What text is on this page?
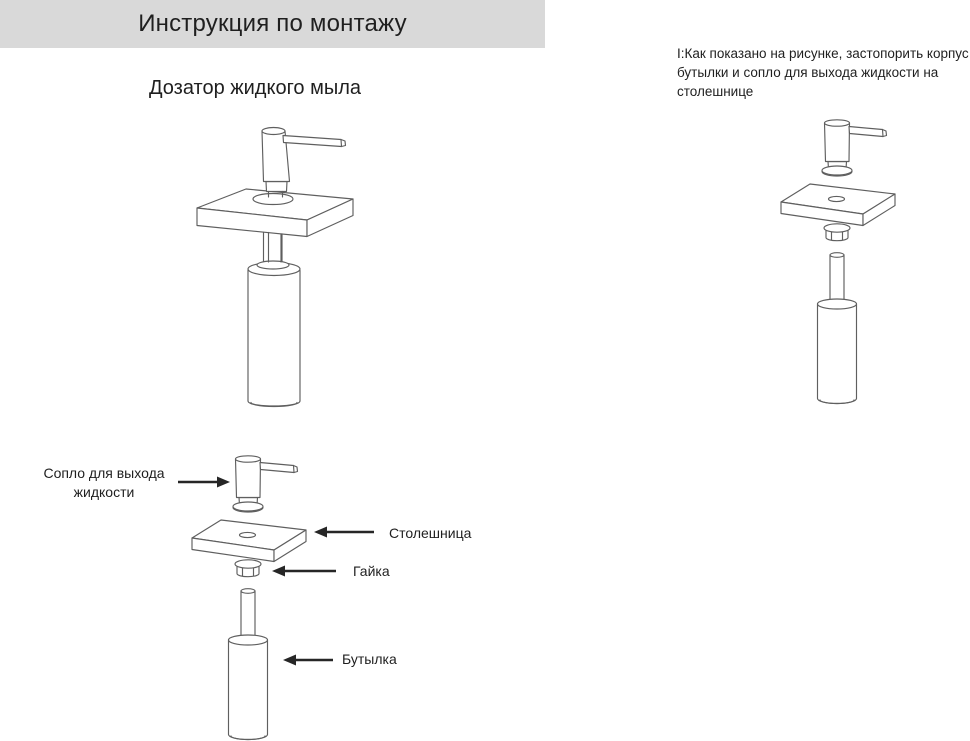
Инструкция по монтажу
Дозатор жидкого мыла
I:Как показано на рисунке, застопорить корпус бутылки и сопло для выхода жидкости на столешнице
Сопло для выхода жидкости
Столешница
Гайка
Бутылка
